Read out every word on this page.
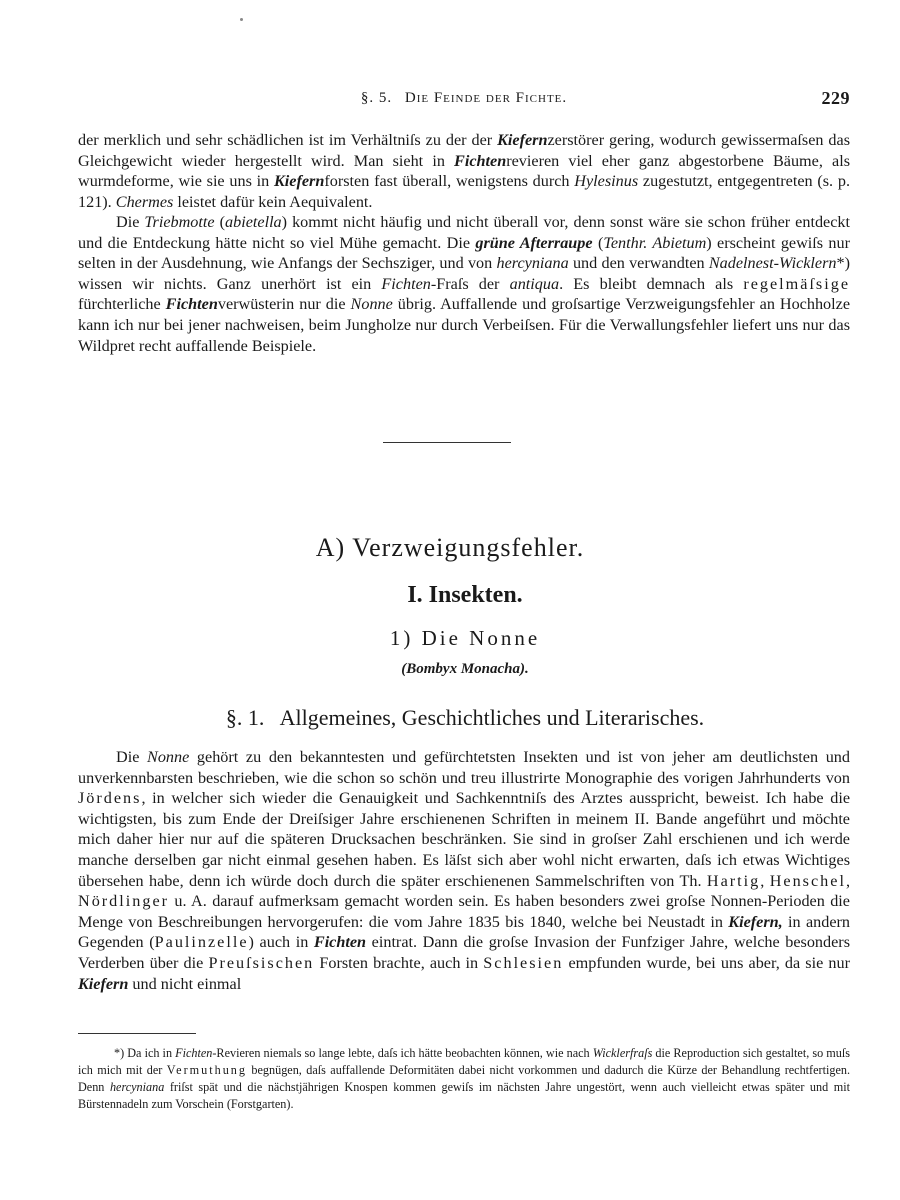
§. 5. Die Feinde der Fichte.	229
der merklich und sehr schädlichen ist im Verhältniſs zu der der Kiefernzerstörer gering, wodurch gewissermaſsen das Gleichgewicht wieder hergestellt wird. Man sieht in Fichtenrevieren viel eher ganz abgestorbene Bäume, als wurmdeforme, wie sie uns in Kiefernforsten fast überall, wenigstens durch Hylesinus zugestutzt, entgegentreten (s. p. 121). Chermes leistet dafür kein Aequivalent.
Die Triebmotte (abietella) kommt nicht häufig und nicht überall vor, denn sonst wäre sie schon früher entdeckt und die Entdeckung hätte nicht so viel Mühe gemacht. Die grüne Afterraupe (Tenthr. Abietum) erscheint gewiſs nur selten in der Ausdehnung, wie Anfangs der Sechsziger, und von hercyniana und den verwandten Nadelnest-Wicklern*) wissen wir nichts. Ganz unerhört ist ein Fichten-Fraſs der antiqua. Es bleibt demnach als regelmäſsige fürchterliche Fichtenverwüsterin nur die Nonne übrig. Auffallende und groſsartige Verzweigungsfehler an Hochholze kann ich nur bei jener nachweisen, beim Jungholze nur durch Verbeiſsen. Für die Verwallungsfehler liefert uns nur das Wildpret recht auffallende Beispiele.
A) Verzweigungsfehler.
I. Insekten.
1) Die Nonne
(Bombyx Monacha).
§. 1.   Allgemeines, Geschichtliches und Literarisches.
Die Nonne gehört zu den bekanntesten und gefürchtetsten Insekten und ist von jeher am deutlichsten und unverkennbarsten beschrieben, wie die schon so schön und treu illustrirte Monographie des vorigen Jahrhunderts von Jördens, in welcher sich wieder die Genauigkeit und Sachkenntniſs des Arztes ausspricht, beweist. Ich habe die wichtigsten, bis zum Ende der Dreiſsiger Jahre erschienenen Schriften in meinem II. Bande angeführt und möchte mich daher hier nur auf die späteren Drucksachen beschränken. Sie sind in groſser Zahl erschienen und ich werde manche derselben gar nicht einmal gesehen haben. Es läſst sich aber wohl nicht erwarten, daſs ich etwas Wichtiges übersehen habe, denn ich würde doch durch die später erschienenen Sammelschriften von Th. Hartig, Henschel, Nördlinger u. A. darauf aufmerksam gemacht worden sein. Es haben besonders zwei groſse Nonnen-Perioden die Menge von Beschreibungen hervorgerufen: die vom Jahre 1835 bis 1840, welche bei Neustadt in Kiefern, in andern Gegenden (Paulinzelle) auch in Fichten eintrat. Dann die groſse Invasion der Funfziger Jahre, welche besonders Verderben über die Preuſsischen Forsten brachte, auch in Schlesien empfunden wurde, bei uns aber, da sie nur Kiefern und nicht einmal
*) Da ich in Fichten-Revieren niemals so lange lebte, daſs ich hätte beobachten können, wie nach Wicklerfraſs die Reproduction sich gestaltet, so muſs ich mich mit der Vermuthung begnügen, daſs auffallende Deformitäten dabei nicht vorkommen und dadurch die Kürze der Behandlung rechtfertigen. Denn hercyniana friſst spät und die nächstjährigen Knospen kommen gewiſs im nächsten Jahre ungestört, wenn auch vielleicht etwas später und mit Bürstennadeln zum Vorschein (Forstgarten).
